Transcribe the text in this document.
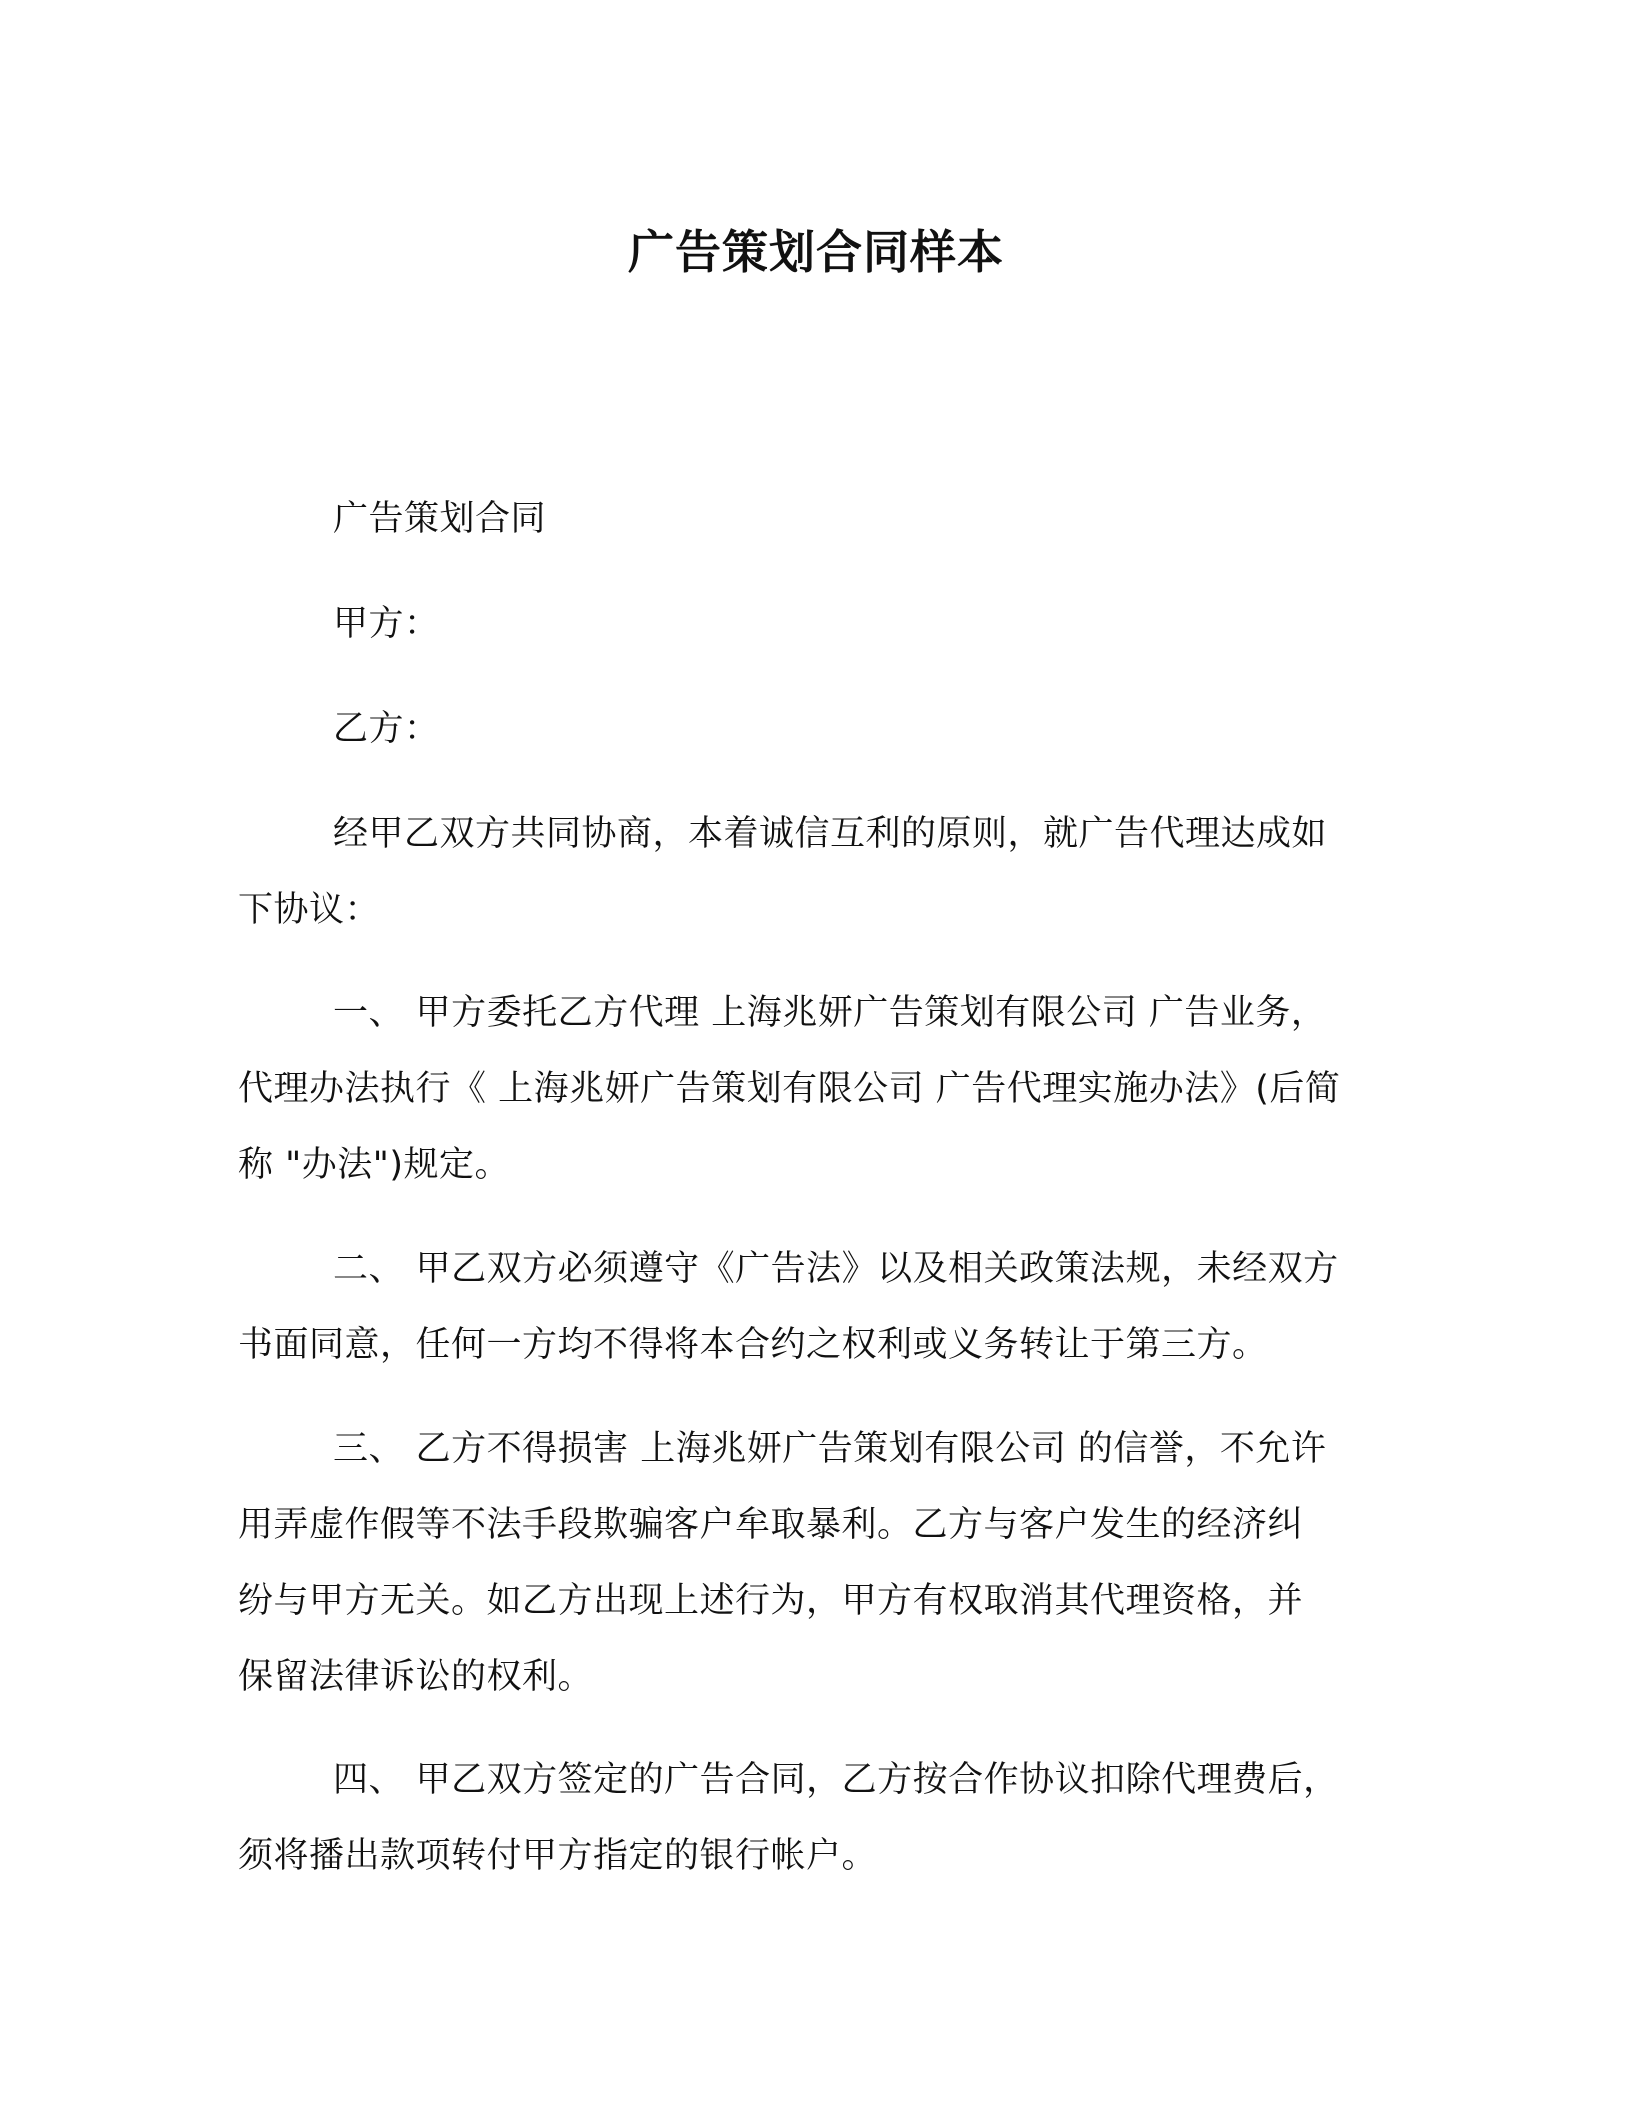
广告策划合同样本
广告策划合同
甲方：
乙方：
经甲乙双方共同协商，本着诚信互利的原则，就广告代理达成如
下协议：
一、 甲方委托乙方代理 上海兆妍广告策划有限公司 广告业务，
代理办法执行《 上海兆妍广告策划有限公司 广告代理实施办法》(后简
称 "办法")规定。
二、 甲乙双方必须遵守《广告法》以及相关政策法规，未经双方
书面同意，任何一方均不得将本合约之权利或义务转让于第三方。
三、 乙方不得损害 上海兆妍广告策划有限公司 的信誉，不允许
用弄虚作假等不法手段欺骗客户牟取暴利。乙方与客户发生的经济纠
纷与甲方无关。如乙方出现上述行为，甲方有权取消其代理资格，并
保留法律诉讼的权利。
四、 甲乙双方签定的广告合同，乙方按合作协议扣除代理费后，
须将播出款项转付甲方指定的银行帐户。
